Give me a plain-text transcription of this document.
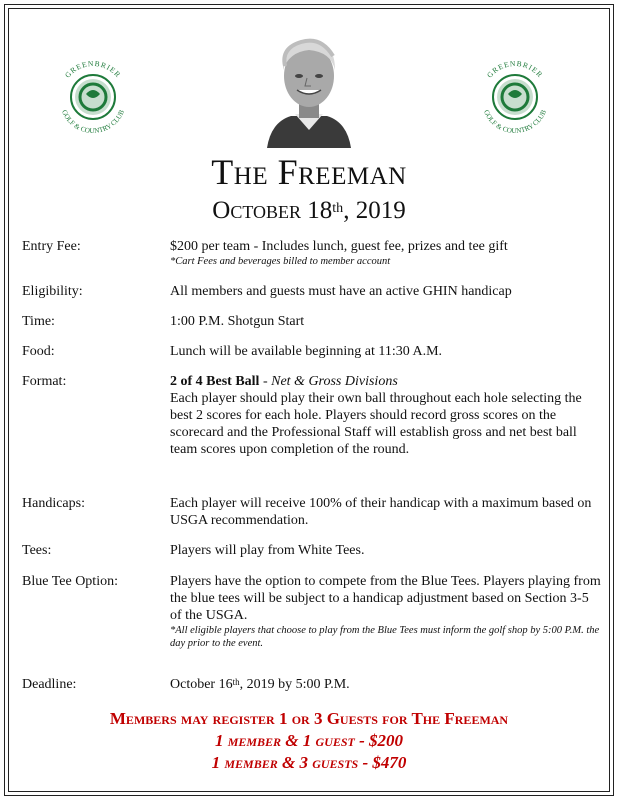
GREENBRIER
GOLF & COUNTRY CLUB
GREENBRIER
GOLF & COUNTRY CLUB
The Freeman
October 18th, 2019
Entry Fee:	$200 per team - Includes lunch, guest fee, prizes and tee gift
*Cart Fees and beverages billed to member account
Eligibility:	All members and guests must have an active GHIN handicap
Time:	1:00 P.M. Shotgun Start
Food:	Lunch will be available beginning at 11:30 A.M.
Format:	2 of 4 Best Ball - Net & Gross Divisions
Each player should play their own ball throughout each hole selecting the best 2 scores for each hole. Players should record gross scores on the scorecard and the Professional Staff will establish gross and net best ball team scores upon completion of the round.
Handicaps:	Each player will receive 100% of their handicap with a maximum based on USGA recommendation.
Tees:	Players will play from White Tees.
Blue Tee Option:	Players have the option to compete from the Blue Tees. Players playing from the blue tees will be subject to a handicap adjustment based on Section 3-5 of the USGA.
*All eligible players that choose to play from the Blue Tees must inform the golf shop by 5:00 P.M. the day prior to the event.
Deadline:	October 16th, 2019 by 5:00 P.M.
Members may register 1 or 3 Guests for The Freeman
1 member & 1 guest - $200
1 member & 3 guests - $470
